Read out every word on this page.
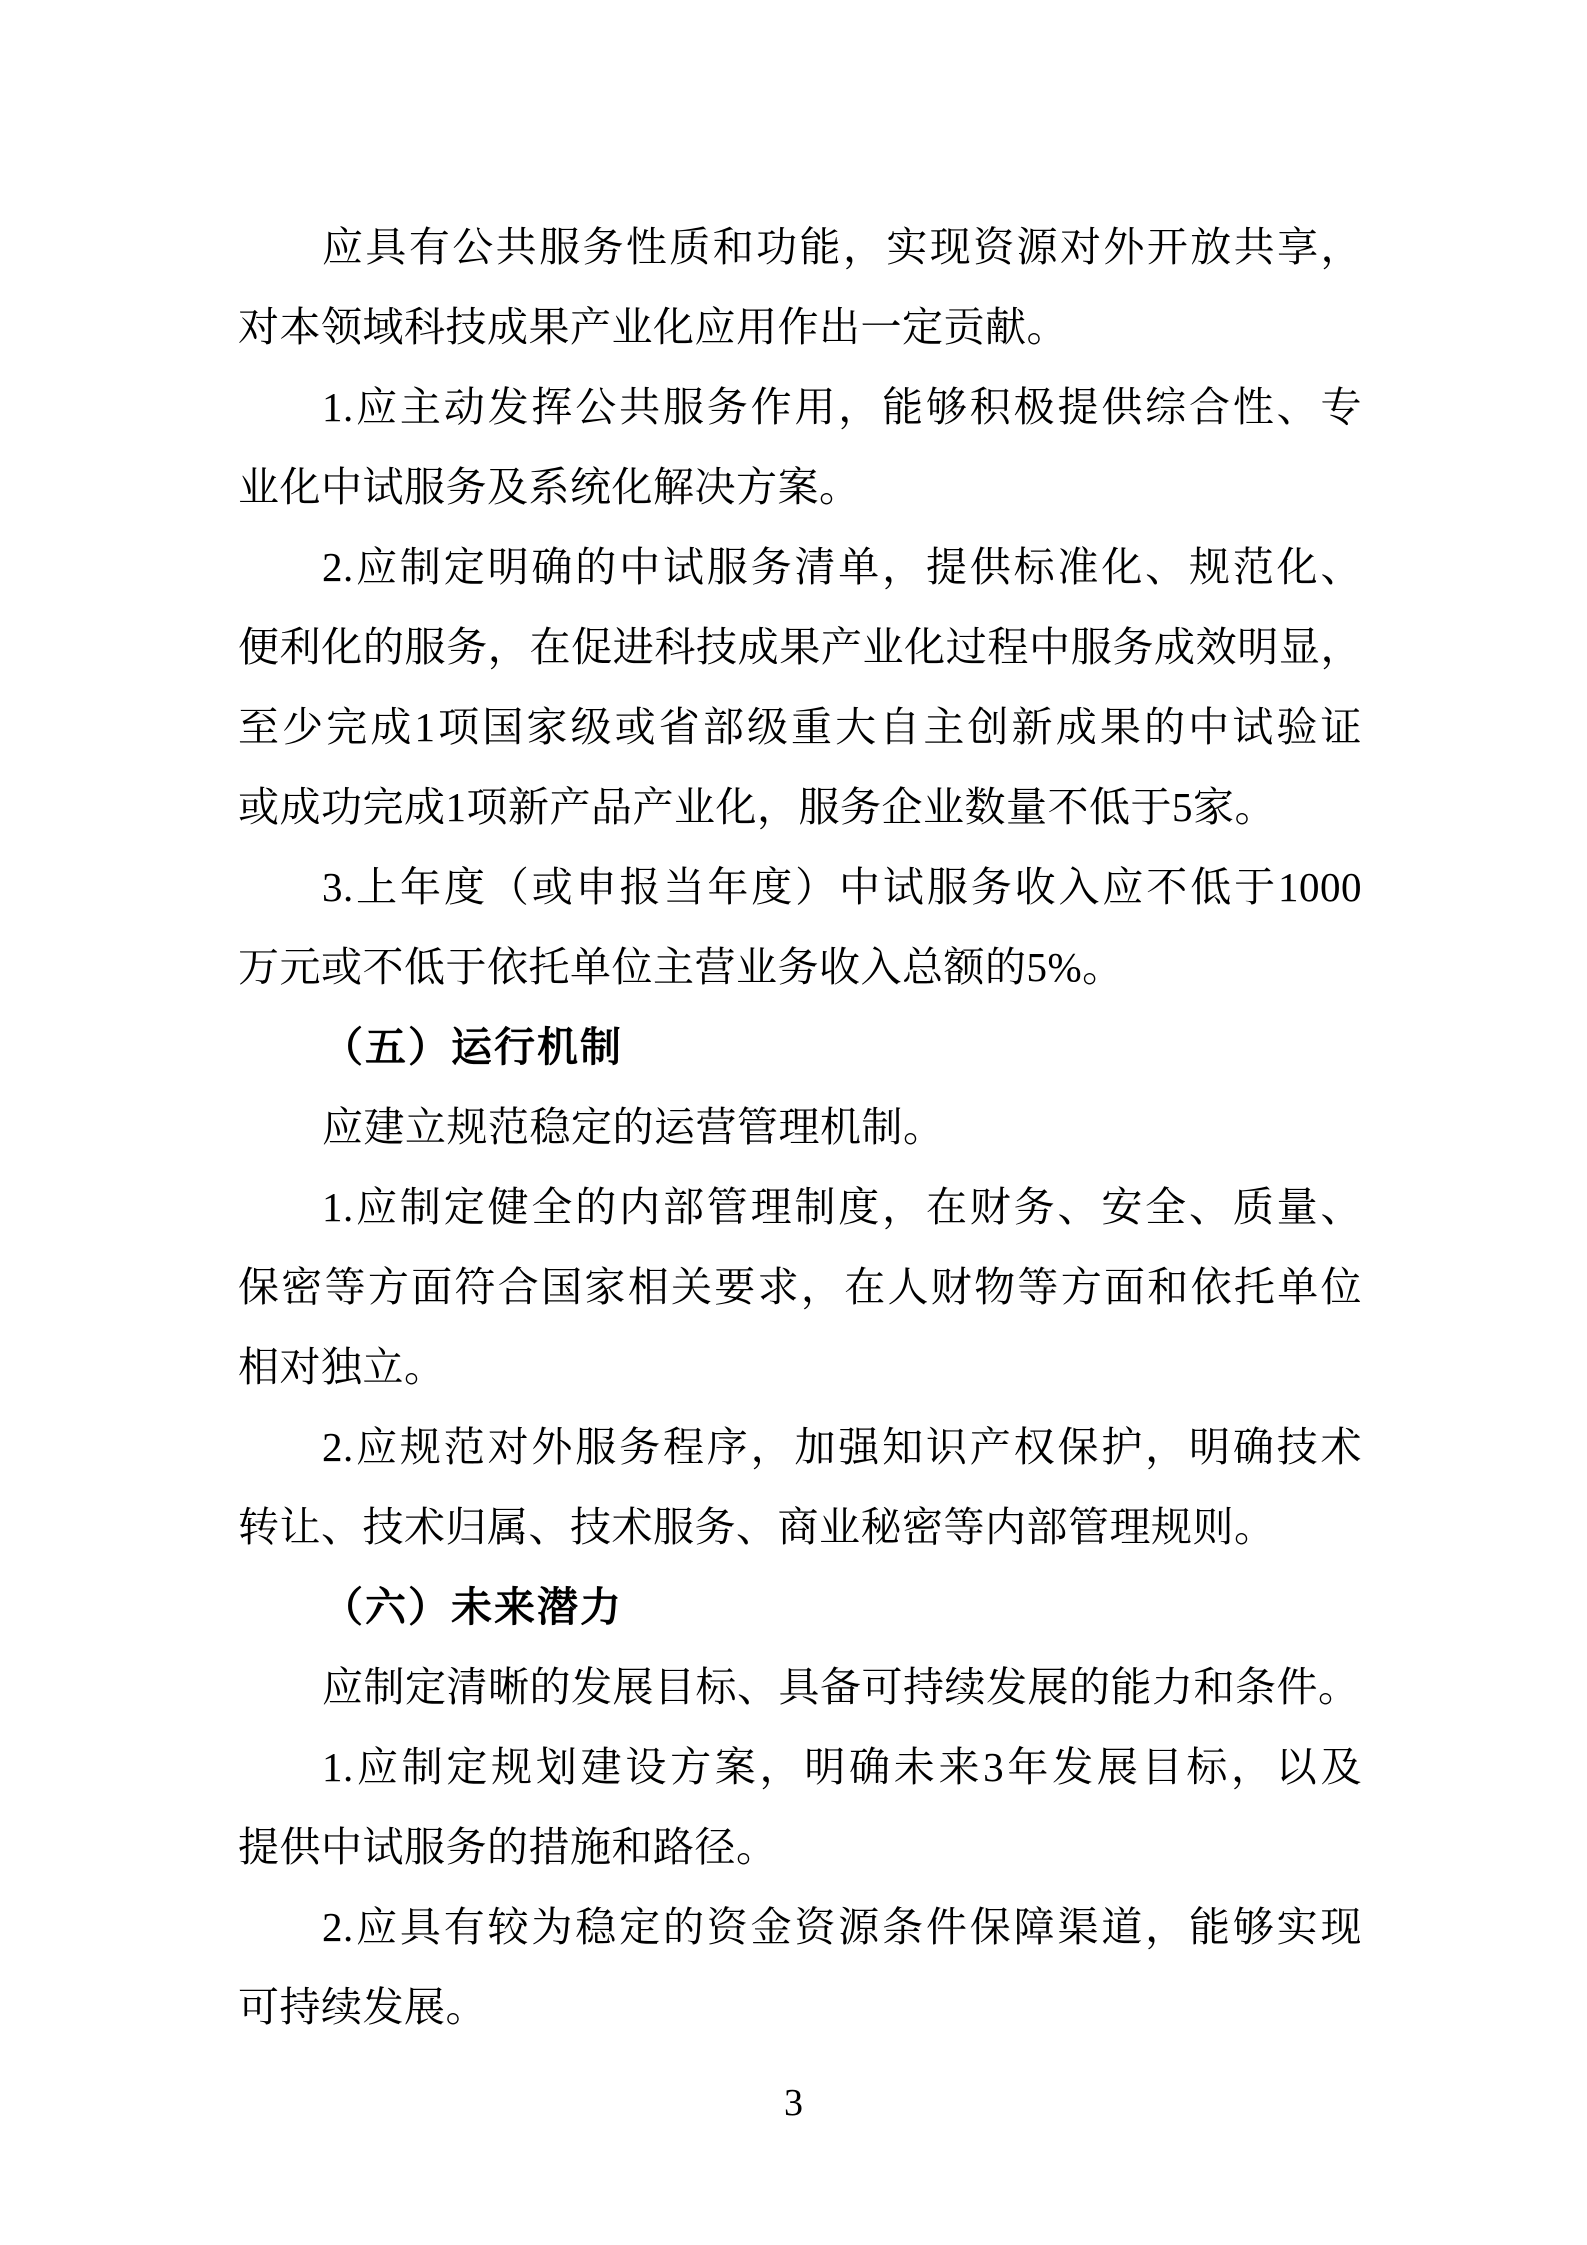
应具有公共服务性质和功能，实现资源对外开放共享，
对本领域科技成果产业化应用作出一定贡献。
1.应主动发挥公共服务作用，能够积极提供综合性、专
业化中试服务及系统化解决方案。
2.应制定明确的中试服务清单，提供标准化、规范化、
便利化的服务，在促进科技成果产业化过程中服务成效明显，
至少完成1项国家级或省部级重大自主创新成果的中试验证
或成功完成1项新产品产业化，服务企业数量不低于5家。
3.上年度（或申报当年度）中试服务收入应不低于1000
万元或不低于依托单位主营业务收入总额的5%。
（五）运行机制
应建立规范稳定的运营管理机制。
1.应制定健全的内部管理制度，在财务、安全、质量、
保密等方面符合国家相关要求，在人财物等方面和依托单位
相对独立。
2.应规范对外服务程序，加强知识产权保护，明确技术
转让、技术归属、技术服务、商业秘密等内部管理规则。
（六）未来潜力
应制定清晰的发展目标、具备可持续发展的能力和条件。
1.应制定规划建设方案，明确未来3年发展目标，以及
提供中试服务的措施和路径。
2.应具有较为稳定的资金资源条件保障渠道，能够实现
可持续发展。
3
